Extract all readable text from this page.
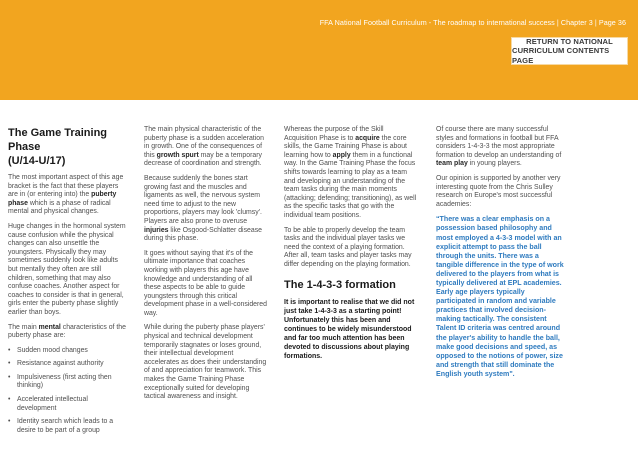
FFA National Football Curriculum - The roadmap to international success | Chapter 3 | Page 36
RETURN TO NATIONAL
CURRICULUM CONTENTS PAGE
The Game Training Phase
(U/14-U/17)

The most important aspect of this age bracket is the fact that these players are in (or entering into) the puberty phase which is a phase of radical mental and physical changes.

Huge changes in the hormonal system cause confusion while the physical changes can also unsettle the youngsters. Physically they may sometimes suddenly look like adults but mentally they often are still children, something that may also confuse coaches. Another aspect for coaches to consider is that in general, girls enter the puberty phase slightly earlier than boys.

The main mental characteristics of the puberty phase are:

• Sudden mood changes
• Resistance against authority
• Impulsiveness (first acting then thinking)
• Accelerated intellectual development
• Identity search which leads to a desire to be part of a group

The main physical characteristic of the puberty phase is a sudden acceleration in growth. One of the consequences of this growth spurt may be a temporary decrease of coordination and strength.

Because suddenly the bones start growing fast and the muscles and ligaments as well, the nervous system need time to adjust to the new proportions, players may look 'clumsy'. Players are also prone to overuse injuries like Osgood-Schlatter disease during this phase.

It goes without saying that it's of the ultimate importance that coaches working with players this age have knowledge and understanding of all these aspects to be able to guide youngsters through this critical development phase in a well-considered way.

While during the puberty phase players' physical and technical development temporarily stagnates or loses ground, their intellectual development accelerates as does their understanding of and appreciation for teamwork. This makes the Game Training Phase exceptionally suited for developing tactical awareness and insight.

Whereas the purpose of the Skill Acquisition Phase is to acquire the core skills, the Game Training Phase is about learning how to apply them in a functional way. In the Game Training Phase the focus shifts towards learning to play as a team and developing an understanding of the team tasks during the main moments (attacking; defending; transitioning), as well as the specific tasks that go with the individual team positions.

To be able to properly develop the team tasks and the individual player tasks we need the context of a playing formation. After all, team tasks and player tasks may differ depending on the playing formation.

The 1-4-3-3 formation

It is important to realise that we did not just take 1-4-3-3 as a starting point! Unfortunately this has been and continues to be widely misunderstood and far too much attention has been devoted to discussions about playing formations.

Of course there are many successful styles and formations in football but FFA considers 1-4-3-3 the most appropriate formation to develop an understanding of team play in young players.

Our opinion is supported by another very interesting quote from the Chris Sulley research on Europe's most successful academies:

“There was a clear emphasis on a possession based philosophy and most employed a 4-3-3 model with an explicit attempt to pass the ball through the units. There was a tangible difference in the type of work delivered to the players from what is typically delivered at EPL academies. Early age players typically participated in random and variable practices that involved decision-making tactically. The consistent Talent ID criteria was centred around the player's ability to handle the ball, make good decisions and speed, as opposed to the notions of power, size and strength that still dominate the English youth system".
